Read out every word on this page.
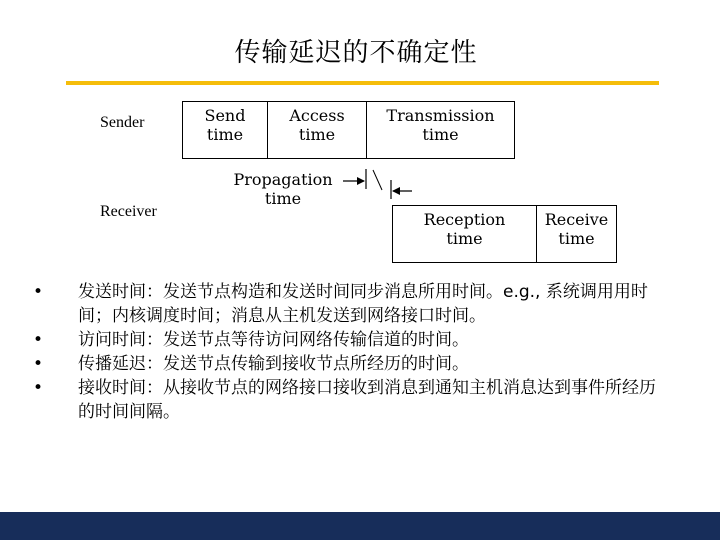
传输延迟的不确定性
Sender
Receiver
Send
time
Access
time
Transmission
time
Propagation
time
Reception
time
Receive
time
• 发送时间：发送节点构造和发送时间同步消息所用时间。e.g., 系统调用用时间；内核调度时间；消息从主机发送到网络接口时间。
• 访问时间：发送节点等待访问网络传输信道的时间。
• 传播延迟：发送节点传输到接收节点所经历的时间。
• 接收时间：从接收节点的网络接口接收到消息到通知主机消息达到事件所经历的时间间隔。
